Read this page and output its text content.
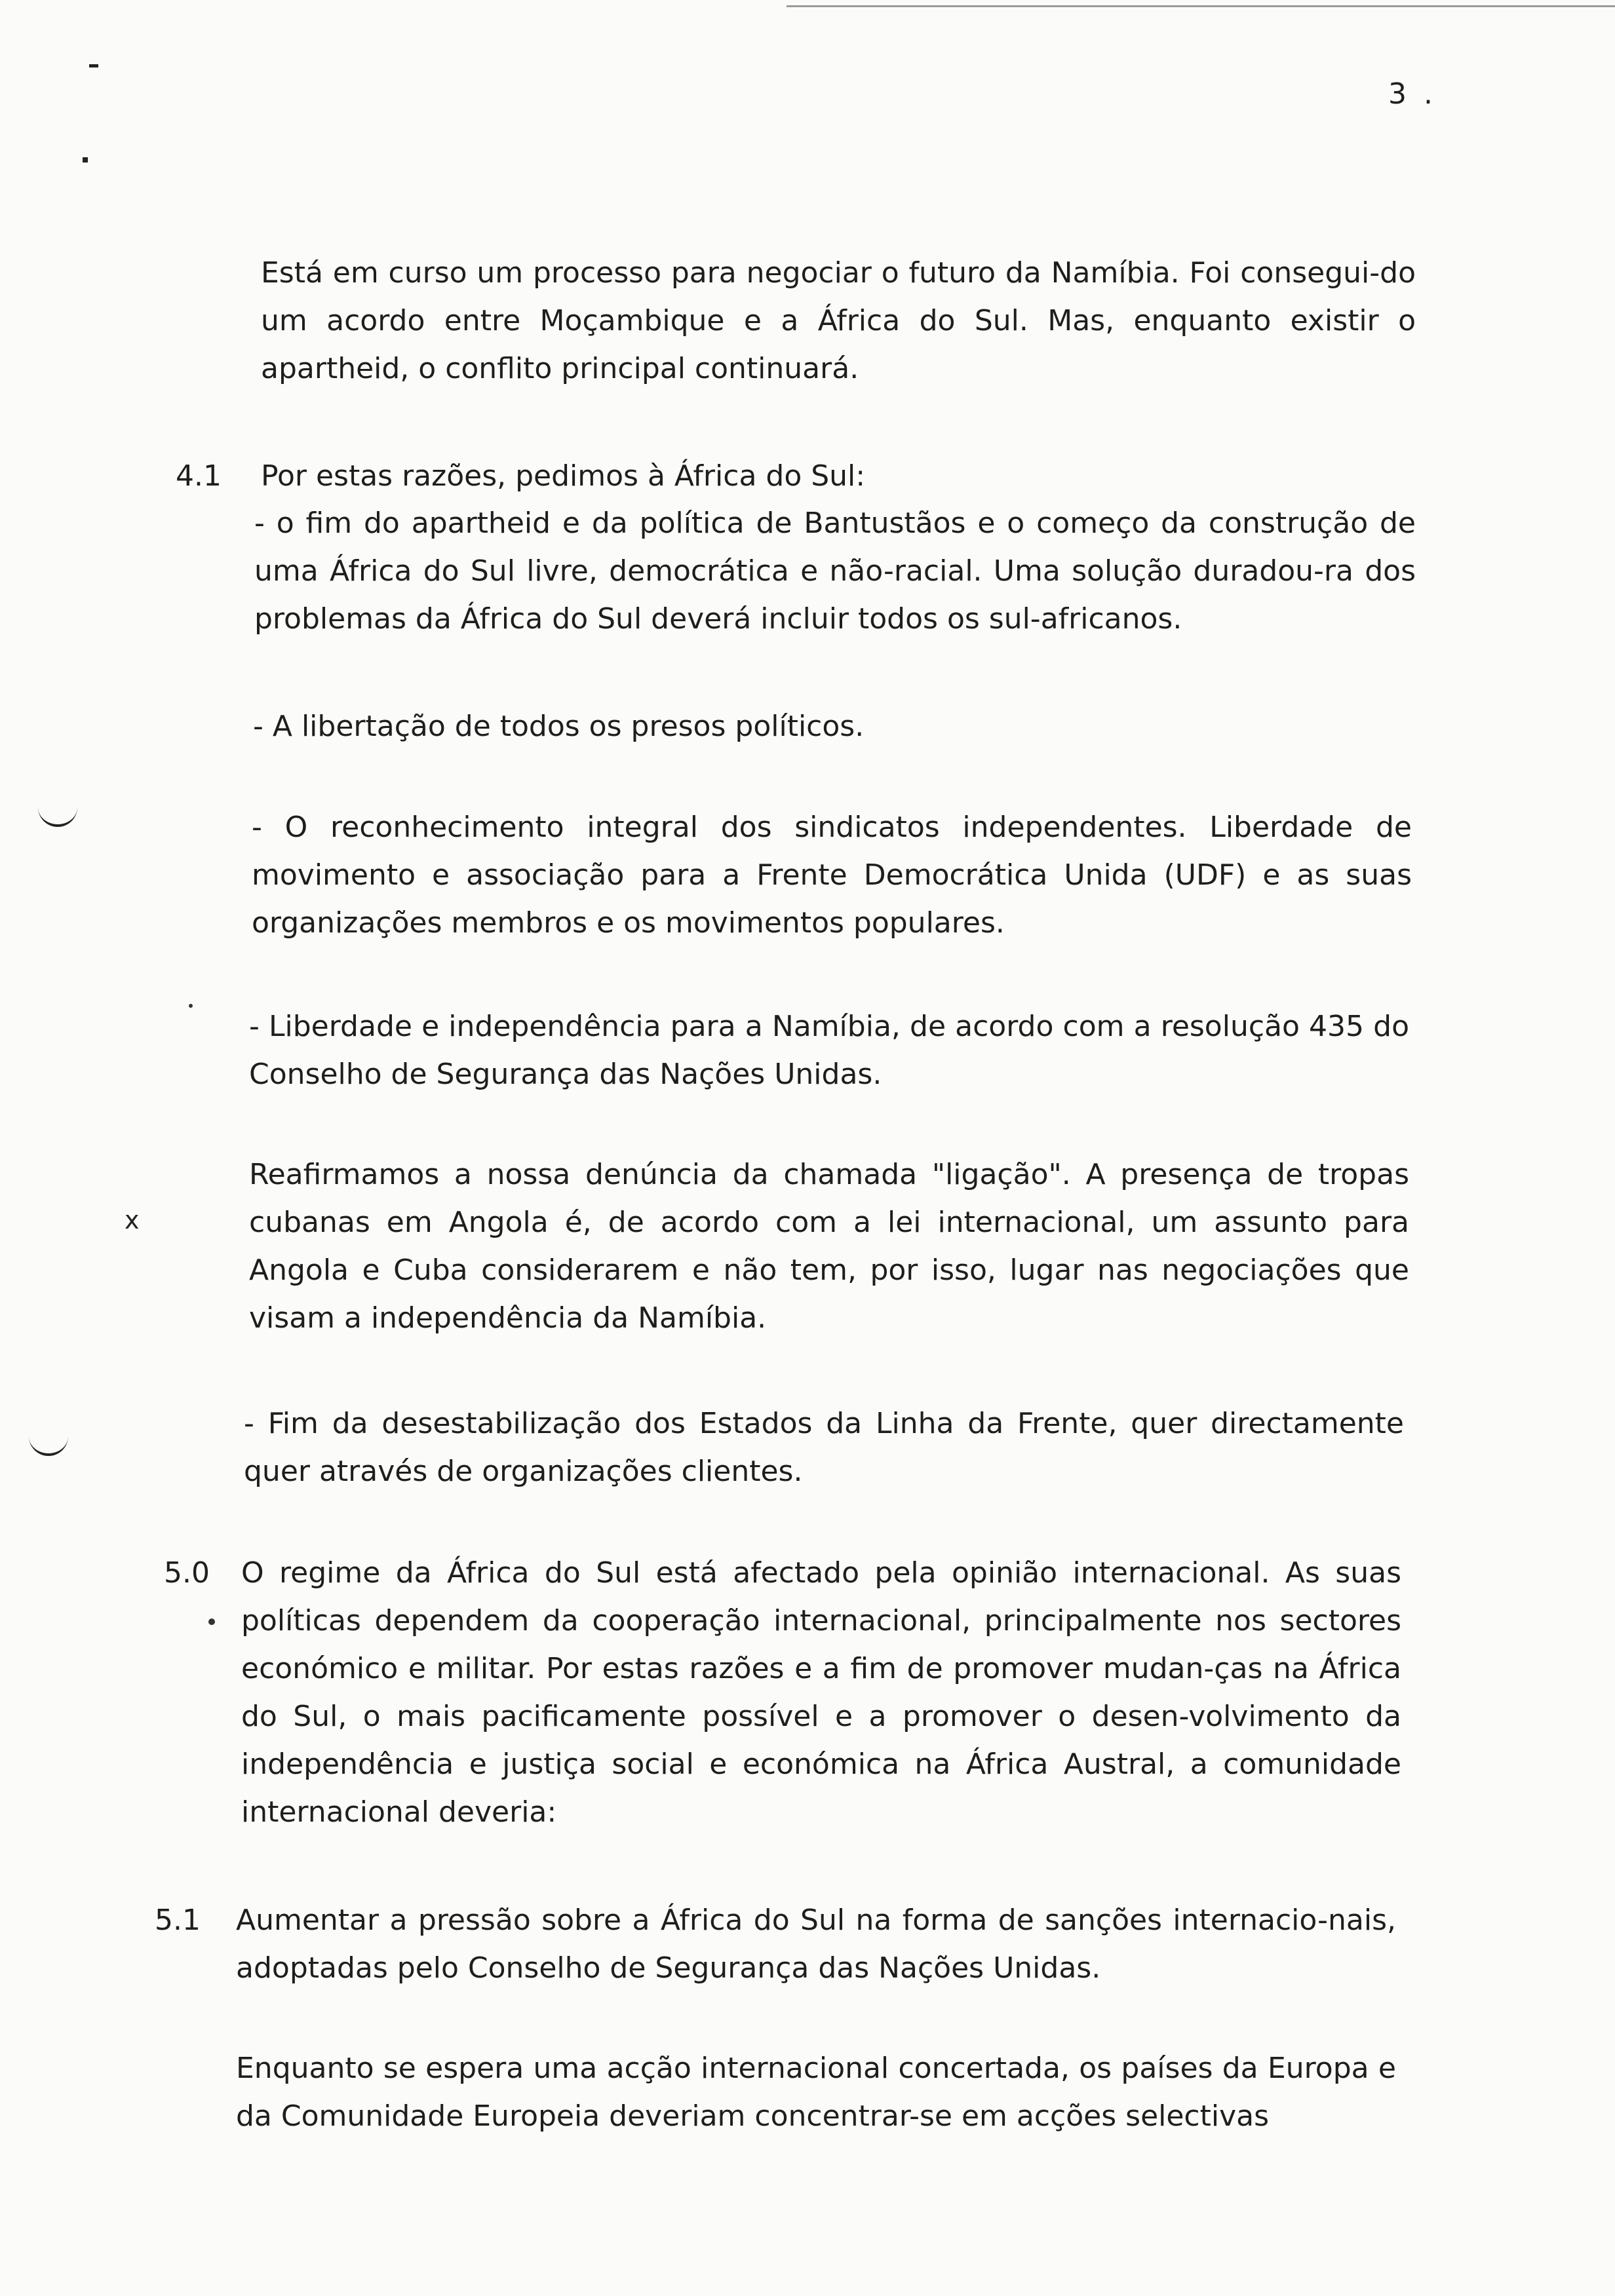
3 .
x
Está em curso um processo para negociar o futuro da Namíbia. Foi consegui-do um acordo entre Moçambique e a África do Sul. Mas, enquanto existir o apartheid, o conflito principal continuará.
4.1 Por estas razões, pedimos à África do Sul:
- o fim do apartheid e da política de Bantustãos e o começo da construção de uma África do Sul livre, democrática e não-racial. Uma solução duradou-ra dos problemas da África do Sul deverá incluir todos os sul-africanos.
- A libertação de todos os presos políticos.
- O reconhecimento integral dos sindicatos independentes. Liberdade de movimento e associação para a Frente Democrática Unida (UDF) e as suas organizações membros e os movimentos populares.
- Liberdade e independência para a Namíbia, de acordo com a resolução 435 do Conselho de Segurança das Nações Unidas.
Reafirmamos a nossa denúncia da chamada "ligação". A presença de tropas cubanas em Angola é, de acordo com a lei internacional, um assunto para Angola e Cuba considerarem e não tem, por isso, lugar nas negociações que visam a independência da Namíbia.
- Fim da desestabilização dos Estados da Linha da Frente, quer directamente quer através de organizações clientes.
5.0 O regime da África do Sul está afectado pela opinião internacional. As suas políticas dependem da cooperação internacional, principalmente nos sectores económico e militar. Por estas razões e a fim de promover mudan-ças na África do Sul, o mais pacificamente possível e a promover o desen-volvimento da independência e justiça social e económica na África Austral, a comunidade internacional deveria:
5.1 Aumentar a pressão sobre a África do Sul na forma de sanções internacio-nais, adoptadas pelo Conselho de Segurança das Nações Unidas.
Enquanto se espera uma acção internacional concertada, os países da Europa e da Comunidade Europeia deveriam concentrar-se em acções selectivas
